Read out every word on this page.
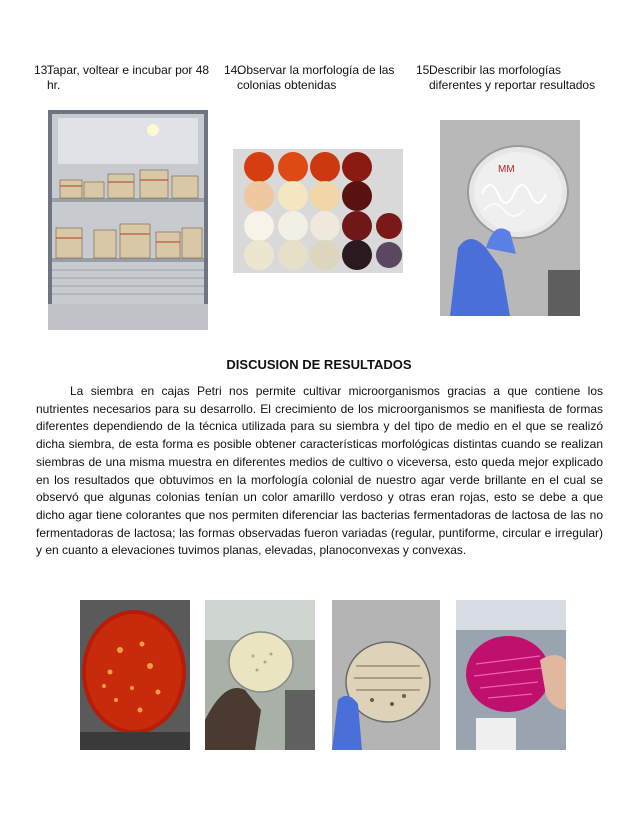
13.
Tapar, voltear e incubar por 48 hr.
14.
Observar la morfología de las colonias obtenidas
15.
Describir las morfologías diferentes y reportar resultados
MM
DISCUSION DE RESULTADOS

La siembra en cajas Petri nos permite cultivar microorganismos gracias a que contiene los nutrientes necesarios para su desarrollo. El crecimiento de los microorganismos se manifiesta de formas diferentes dependiendo de la técnica utilizada para su siembra y del tipo de medio en el que se realizó dicha siembra, de esta forma es posible obtener características morfológicas distintas cuando se realizan siembras de una misma muestra en diferentes medios de cultivo o viceversa, esto queda mejor explicado en los resultados que obtuvimos en la morfología colonial de nuestro agar verde brillante en el cual se observó que algunas colonias tenían un color amarillo verdoso y otras eran rojas, esto se debe a que dicho agar tiene colorantes que nos permiten diferenciar las bacterias fermentadoras de lactosa de las no fermentadoras de lactosa; las formas observadas fueron variadas (regular, puntiforme, circular e irregular) y en cuanto a elevaciones tuvimos planas, elevadas, planoconvexas y convexas.
